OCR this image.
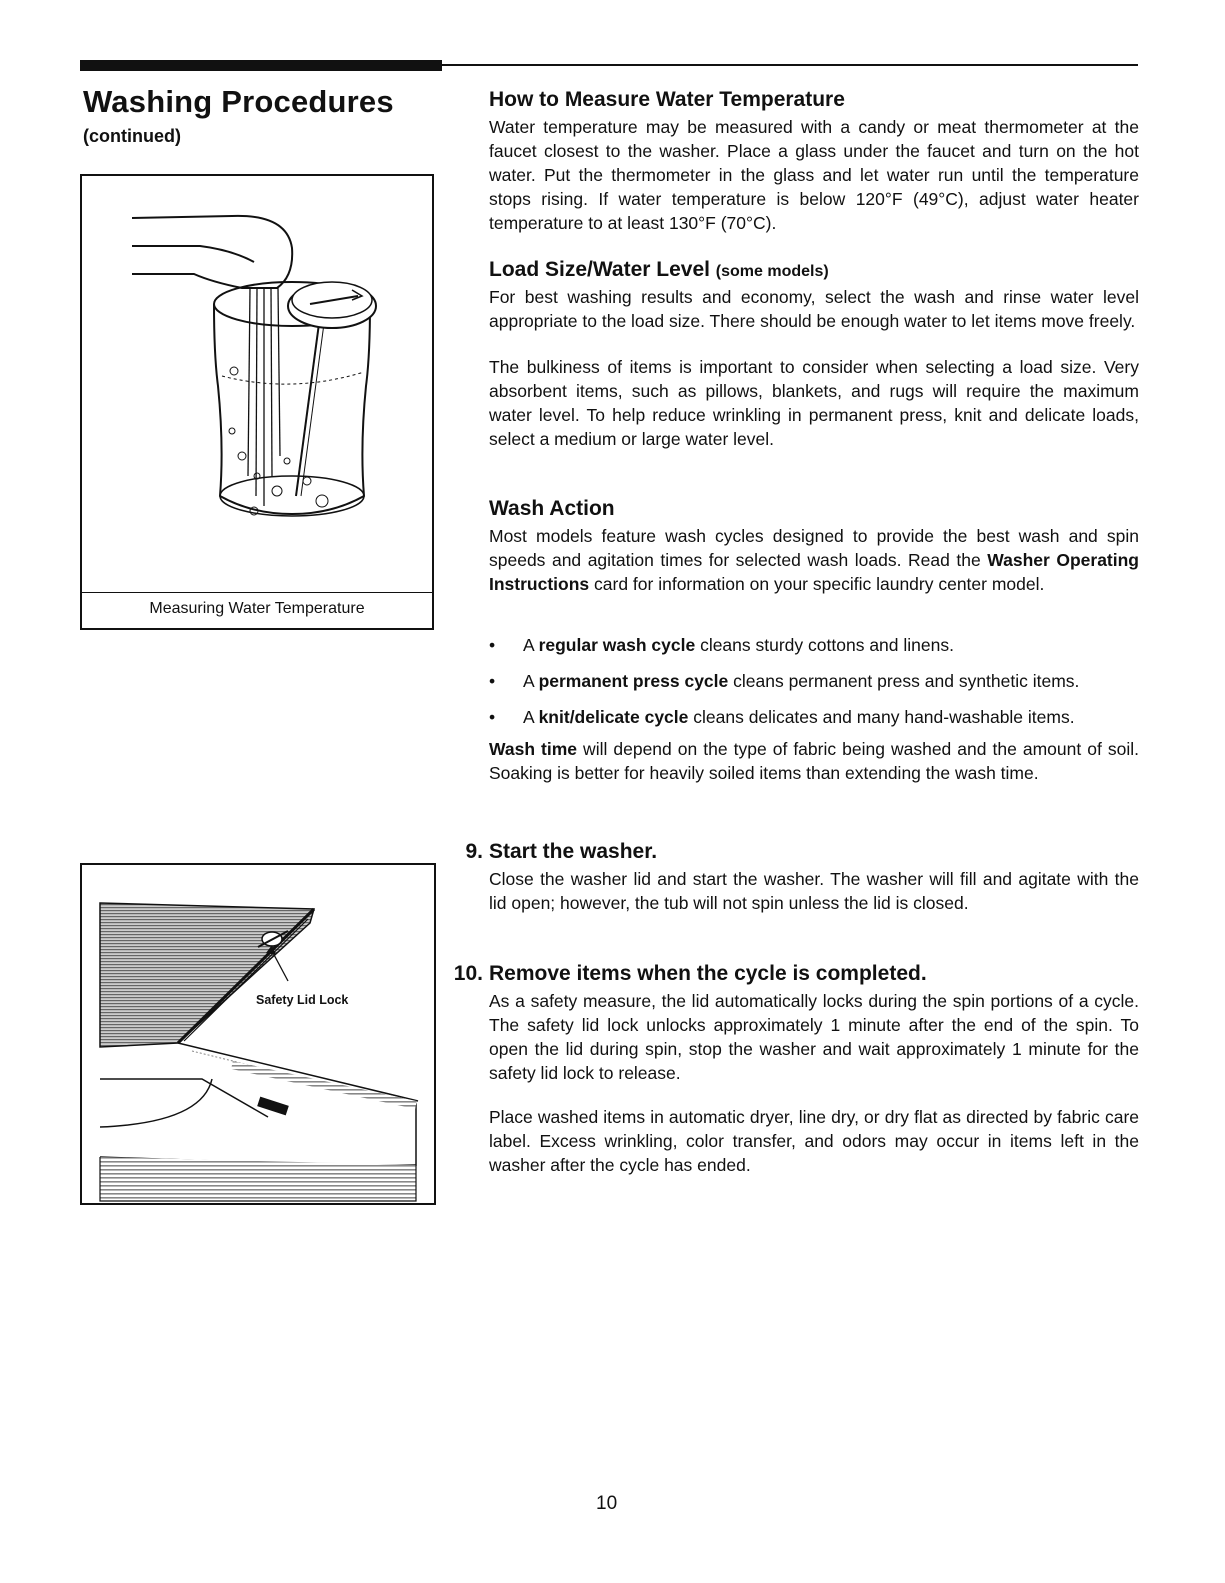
Washing Procedures
(continued)
Measuring Water Temperature
Safety Lid Lock
How to Measure Water Temperature

Water temperature may be measured with a candy or meat thermometer at the faucet closest to the washer. Place a glass under the faucet and turn on the hot water. Put the thermometer in the glass and let water run until the temperature stops rising. If water temperature is below 120°F (49°C), adjust water heater temperature to at least 130°F (70°C).

Load Size/Water Level (some models)

For best washing results and economy, select the wash and rinse water level appropriate to the load size. There should be enough water to let items move freely.

The bulkiness of items is important to consider when selecting a load size. Very absorbent items, such as pillows, blankets, and rugs will require the maximum water level. To help reduce wrinkling in permanent press, knit and delicate loads, select a medium or large water level.

Wash Action

Most models feature wash cycles designed to provide the best wash and spin speeds and agitation times for selected wash loads. Read the Washer Operating Instructions card for information on your specific laundry center model.

• A regular wash cycle cleans sturdy cottons and linens.
• A permanent press cycle cleans permanent press and synthetic items.
• A knit/delicate cycle cleans delicates and many hand-washable items.

Wash time will depend on the type of fabric being washed and the amount of soil. Soaking is better for heavily soiled items than extending the wash time.

9. Start the washer.

Close the washer lid and start the washer. The washer will fill and agitate with the lid open; however, the tub will not spin unless the lid is closed.

10. Remove items when the cycle is completed.

As a safety measure, the lid automatically locks during the spin portions of a cycle. The safety lid lock unlocks approximately 1 minute after the end of the spin. To open the lid during spin, stop the washer and wait approximately 1 minute for the safety lid lock to release.

Place washed items in automatic dryer, line dry, or dry flat as directed by fabric care label. Excess wrinkling, color transfer, and odors may occur in items left in the washer after the cycle has ended.

10
